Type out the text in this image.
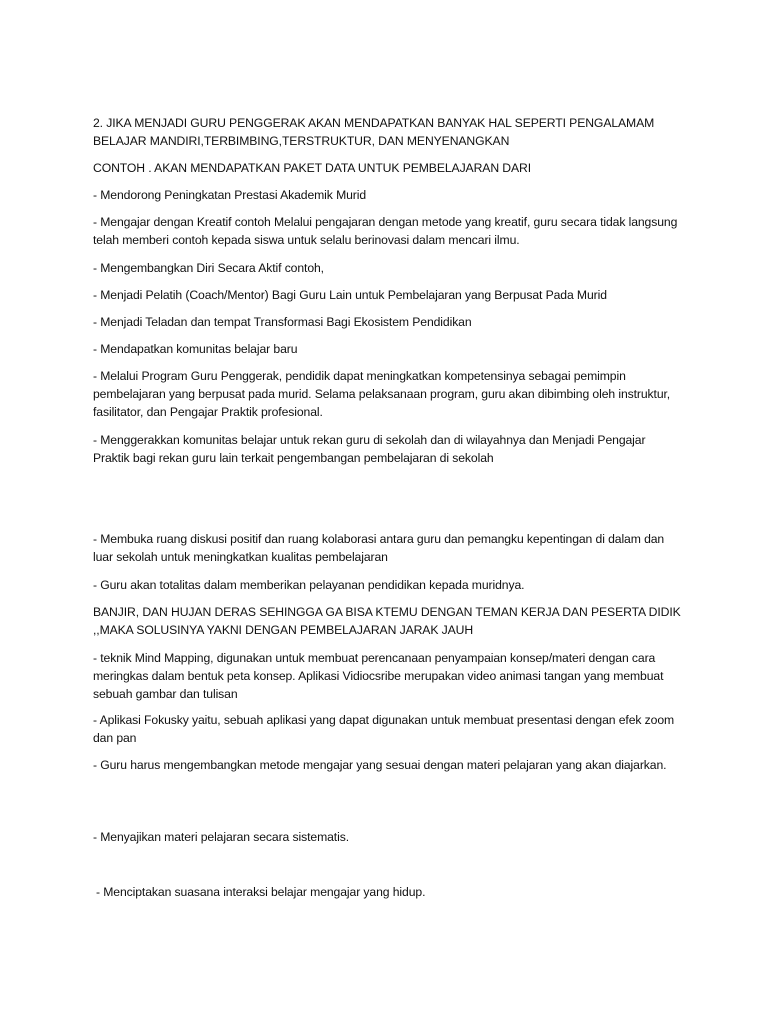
2. JIKA MENJADI GURU PENGGERAK AKAN MENDAPATKAN BANYAK HAL SEPERTI PENGALAMAM BELAJAR MANDIRI,TERBIMBING,TERSTRUKTUR, DAN MENYENANGKAN

CONTOH . AKAN MENDAPATKAN PAKET DATA UNTUK PEMBELAJARAN DARI

- Mendorong Peningkatan Prestasi Akademik Murid

- Mengajar dengan Kreatif contoh Melalui pengajaran dengan metode yang kreatif, guru secara tidak langsung telah memberi contoh kepada siswa untuk selalu berinovasi dalam mencari ilmu.

- Mengembangkan Diri Secara Aktif contoh,

- Menjadi Pelatih (Coach/Mentor) Bagi Guru Lain untuk Pembelajaran yang Berpusat Pada Murid

- Menjadi Teladan dan tempat Transformasi Bagi Ekosistem Pendidikan

- Mendapatkan komunitas belajar baru

- Melalui Program Guru Penggerak, pendidik dapat meningkatkan kompetensinya sebagai pemimpin pembelajaran yang berpusat pada murid. Selama pelaksanaan program, guru akan dibimbing oleh instruktur, fasilitator, dan Pengajar Praktik profesional.

- Menggerakkan komunitas belajar untuk rekan guru di sekolah dan di wilayahnya dan Menjadi Pengajar Praktik bagi rekan guru lain terkait pengembangan pembelajaran di sekolah

- Membuka ruang diskusi positif dan ruang kolaborasi antara guru dan pemangku kepentingan di dalam dan luar sekolah untuk meningkatkan kualitas pembelajaran

- Guru akan totalitas dalam memberikan pelayanan pendidikan kepada muridnya.

BANJIR, DAN HUJAN DERAS SEHINGGA GA BISA KTEMU DENGAN TEMAN KERJA DAN PESERTA DIDIK ,,MAKA SOLUSINYA YAKNI DENGAN PEMBELAJARAN JARAK JAUH

- teknik Mind Mapping, digunakan untuk membuat perencanaan penyampaian konsep/materi dengan cara meringkas dalam bentuk peta konsep. Aplikasi Vidiocsribe merupakan video animasi tangan yang membuat sebuah gambar dan tulisan

- Aplikasi Fokusky yaitu, sebuah aplikasi yang dapat digunakan untuk membuat presentasi dengan efek zoom dan pan

- Guru harus mengembangkan metode mengajar yang sesuai dengan materi pelajaran yang akan diajarkan.

- Menyajikan materi pelajaran secara sistematis.

- Menciptakan suasana interaksi belajar mengajar yang hidup.
